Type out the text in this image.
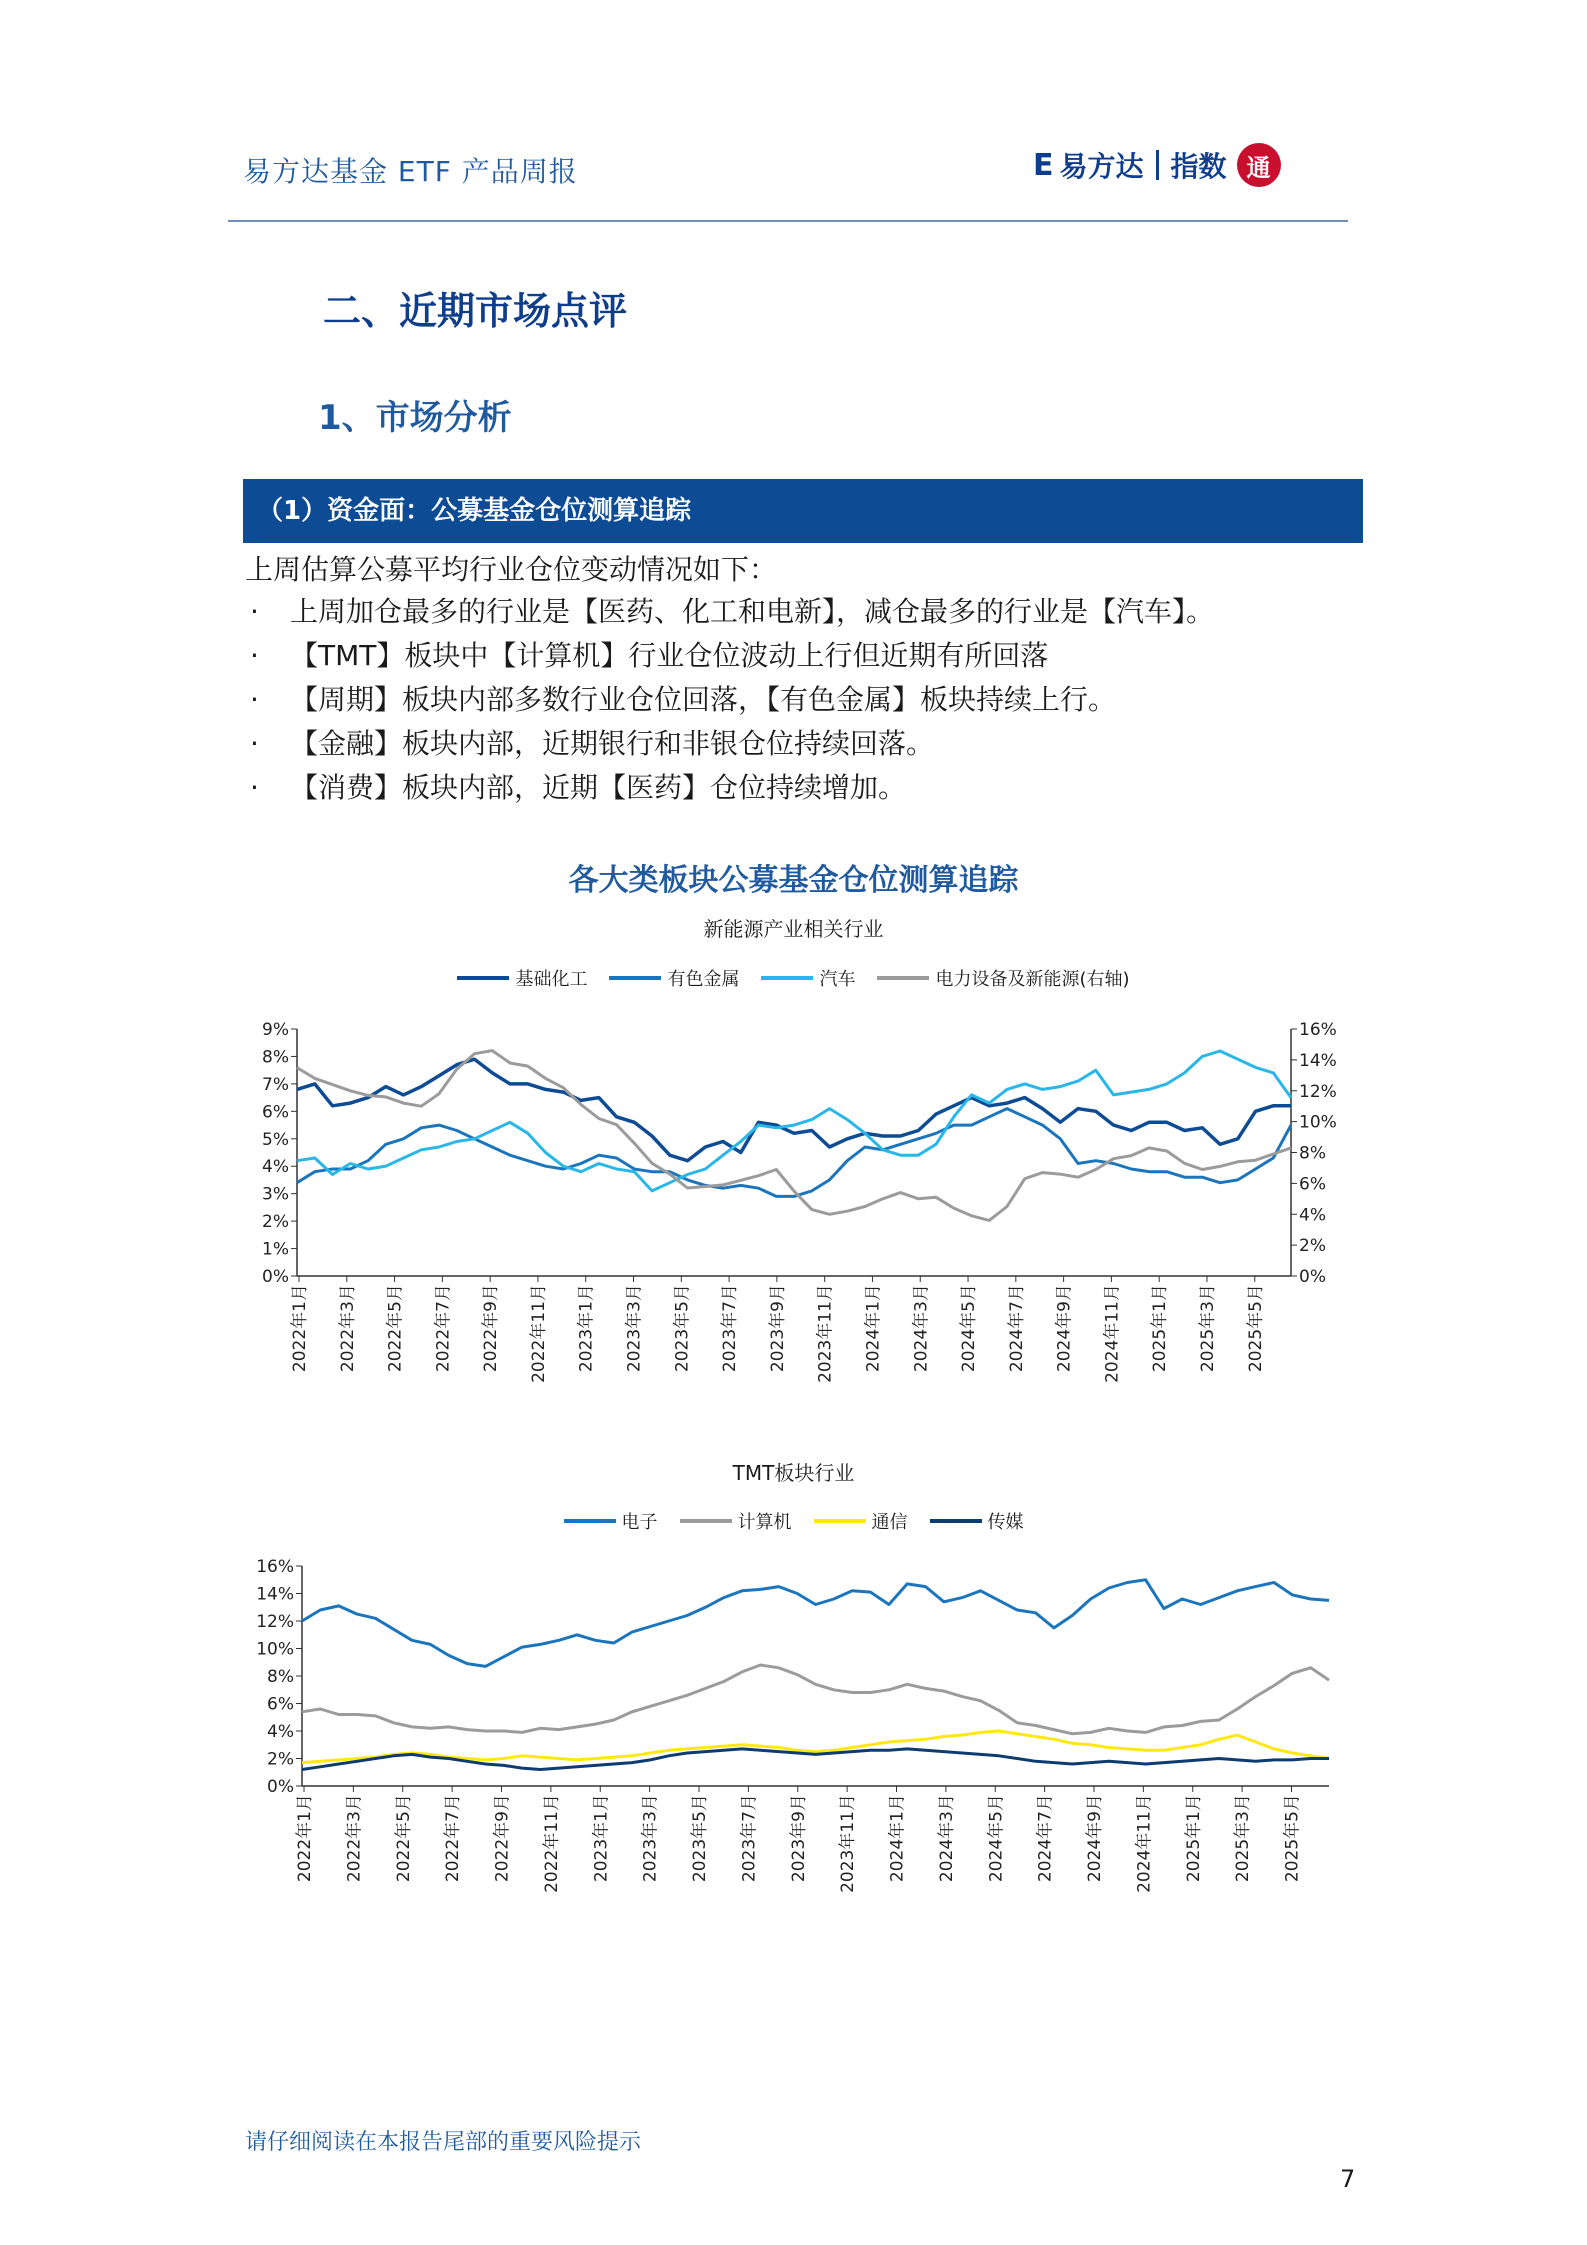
易方达基金 ETF 产品周报	E 易方达 指数 通
二、近期市场点评
1、市场分析
（1）资金面：公募基金仓位测算追踪
上周估算公募平均行业仓位变动情况如下：
· 上周加仓最多的行业是【医药、化工和电新】，减仓最多的行业是【汽车】。
· 【TMT】板块中【计算机】行业仓位波动上行但近期有所回落
· 【周期】板块内部多数行业仓位回落，【有色金属】板块持续上行。
· 【金融】板块内部，近期银行和非银仓位持续回落。
· 【消费】板块内部，近期【医药】仓位持续增加。
各大类板块公募基金仓位测算追踪
新能源产业相关行业
基础化工	有色金属	汽车	电力设备及新能源(右轴)
0%
1%
2%
3%
4%
5%
6%
7%
8%
9%
0%
2%
4%
6%
8%
10%
12%
14%
16%
2022年1月 2022年3月 2022年5月 2022年7月 2022年9月 2022年11月 2023年1月 2023年3月 2023年5月 2023年7月 2023年9月 2023年11月 2024年1月 2024年3月 2024年5月 2024年7月 2024年9月 2024年11月 2025年1月 2025年3月 2025年5月
TMT板块行业
电子	计算机	通信	传媒
0%
2%
4%
6%
8%
10%
12%
14%
16%
2022年1月 2022年3月 2022年5月 2022年7月 2022年9月 2022年11月 2023年1月 2023年3月 2023年5月 2023年7月 2023年9月 2023年11月 2024年1月 2024年3月 2024年5月 2024年7月 2024年9月 2024年11月 2025年1月 2025年3月 2025年5月
请仔细阅读在本报告尾部的重要风险提示
7
